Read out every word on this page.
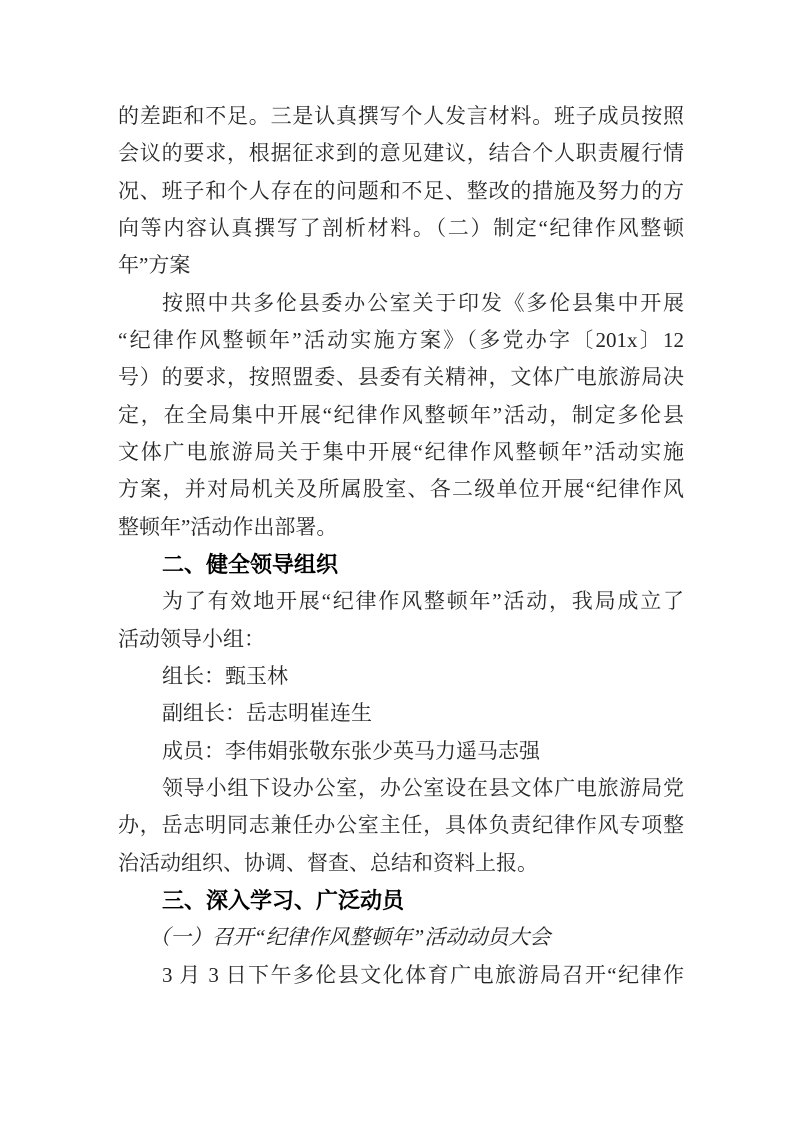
的差距和不足。三是认真撰写个人发言材料。班子成员按照
会议的要求，根据征求到的意见建议，结合个人职责履行情
况、班子和个人存在的问题和不足、整改的措施及努力的方
向等内容认真撰写了剖析材料。（二）制定“纪律作风整顿
年”方案
按照中共多伦县委办公室关于印发《多伦县集中开展
“纪律作风整顿年”活动实施方案》（多党办字〔201x〕12
号）的要求，按照盟委、县委有关精神，文体广电旅游局决
定，在全局集中开展“纪律作风整顿年”活动，制定多伦县
文体广电旅游局关于集中开展“纪律作风整顿年”活动实施
方案，并对局机关及所属股室、各二级单位开展“纪律作风
整顿年”活动作出部署。
二、健全领导组织
为了有效地开展“纪律作风整顿年”活动，我局成立了
活动领导小组：
组长：甄玉林
副组长：岳志明崔连生
成员：李伟娟张敬东张少英马力遥马志强
领导小组下设办公室，办公室设在县文体广电旅游局党
办，岳志明同志兼任办公室主任，具体负责纪律作风专项整
治活动组织、协调、督查、总结和资料上报。
三、深入学习、广泛动员
（一）召开“纪律作风整顿年”活动动员大会
3 月 3 日下午多伦县文化体育广电旅游局召开“纪律作
